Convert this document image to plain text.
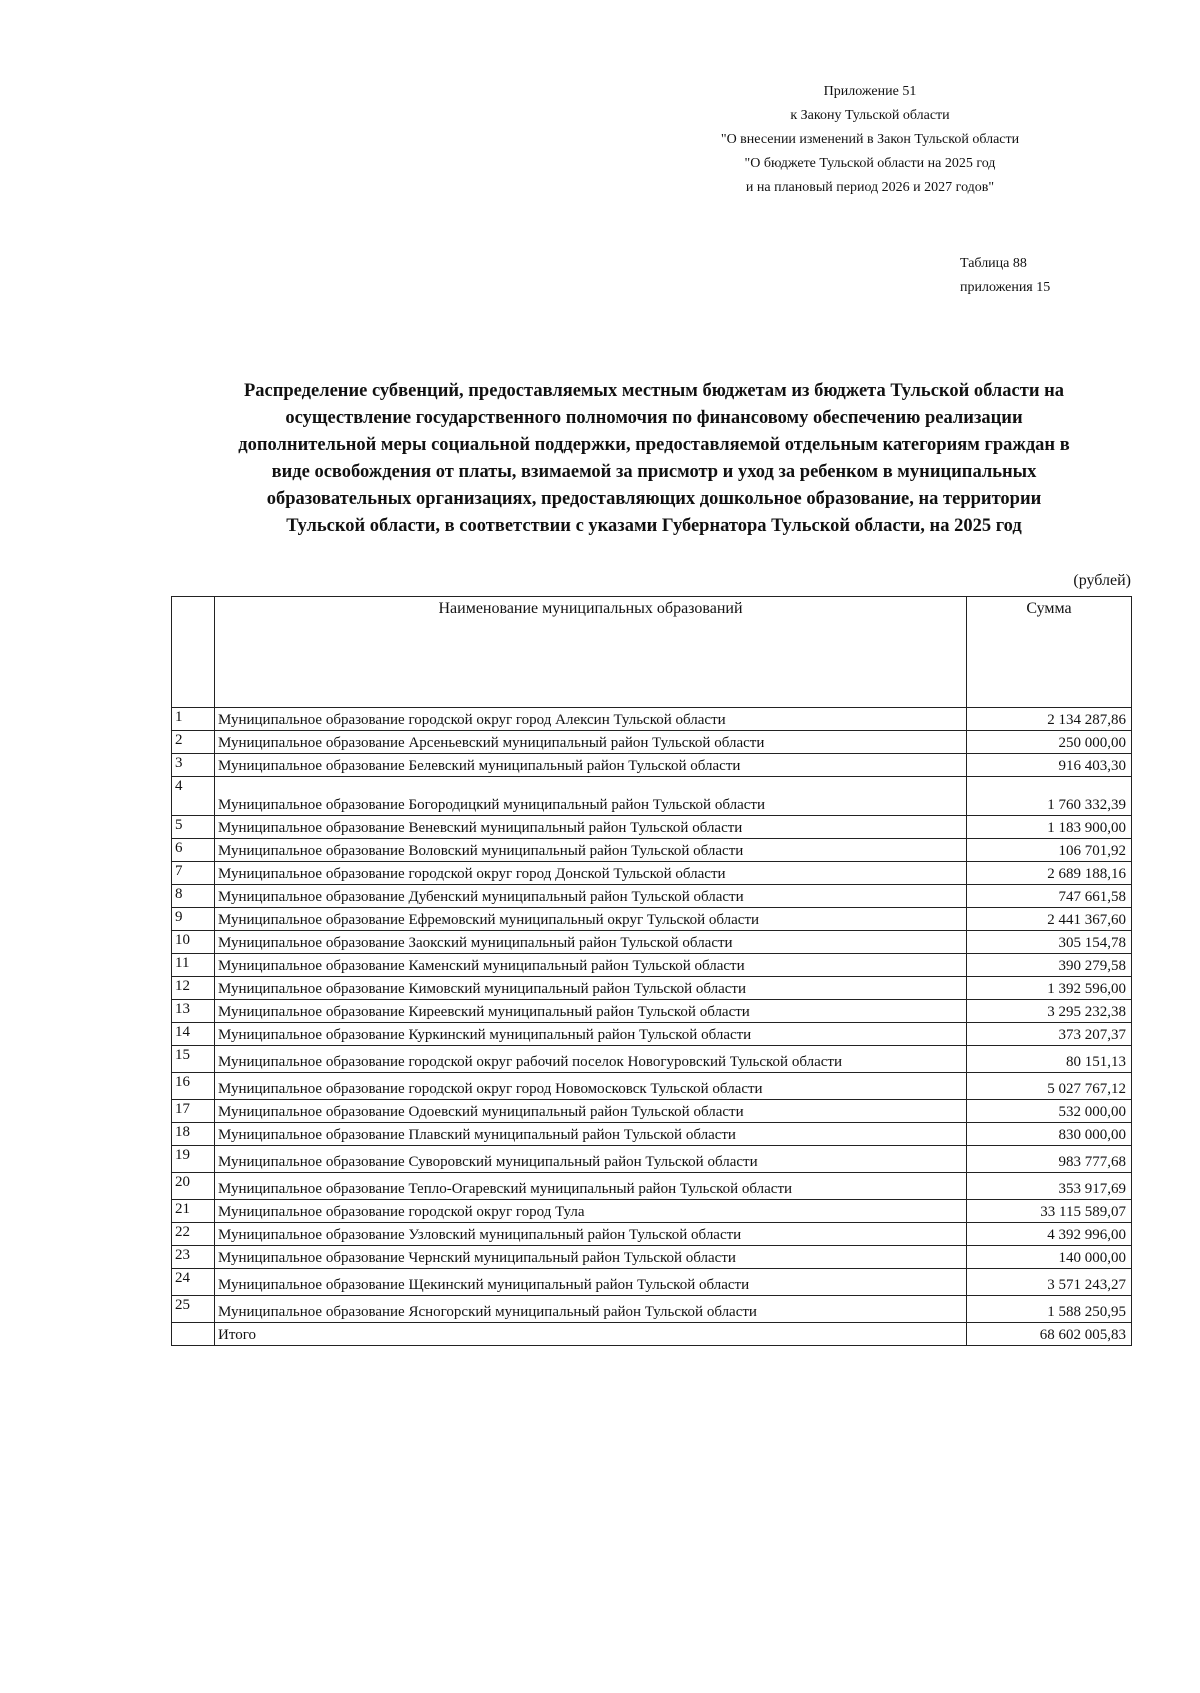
Приложение 51
к Закону Тульской области
"О внесении изменений в Закон Тульской области
"О бюджете Тульской области на 2025 год
и на плановый период 2026 и 2027 годов"
Таблица 88
приложения 15
Распределение субвенций, предоставляемых местным бюджетам из бюджета Тульской области на
осуществление государственного полномочия по финансовому обеспечению реализации
дополнительной меры социальной поддержки, предоставляемой отдельным категориям граждан в
виде освобождения от платы, взимаемой за присмотр и уход за ребенком в муниципальных
образовательных организациях, предоставляющих дошкольное образование, на территории
Тульской области, в соответствии с указами Губернатора Тульской области, на 2025 год
(рублей)
	Наименование муниципальных образований	Сумма
1	Муниципальное образование городской округ город Алексин Тульской области	2 134 287,86
2	Муниципальное образование Арсеньевский муниципальный район Тульской области	250 000,00
3	Муниципальное образование Белевский муниципальный район Тульской области	916 403,30
4	Муниципальное образование Богородицкий муниципальный район Тульской области	1 760 332,39
5	Муниципальное образование Веневский муниципальный район Тульской области	1 183 900,00
6	Муниципальное образование Воловский муниципальный район Тульской области	106 701,92
7	Муниципальное образование городской округ город Донской Тульской области	2 689 188,16
8	Муниципальное образование Дубенский муниципальный район Тульской области	747 661,58
9	Муниципальное образование Ефремовский муниципальный округ Тульской области	2 441 367,60
10	Муниципальное образование Заокский муниципальный район Тульской области	305 154,78
11	Муниципальное образование Каменский муниципальный район Тульской области	390 279,58
12	Муниципальное образование Кимовский муниципальный район Тульской области	1 392 596,00
13	Муниципальное образование Киреевский муниципальный район Тульской области	3 295 232,38
14	Муниципальное образование Куркинский муниципальный район Тульской области	373 207,37
15	Муниципальное образование городской округ рабочий поселок Новогуровский Тульской области	80 151,13
16	Муниципальное образование городской округ город Новомосковск Тульской области	5 027 767,12
17	Муниципальное образование Одоевский муниципальный район Тульской области	532 000,00
18	Муниципальное образование Плавский муниципальный район Тульской области	830 000,00
19	Муниципальное образование Суворовский муниципальный район Тульской области	983 777,68
20	Муниципальное образование Тепло-Огаревский муниципальный район Тульской области	353 917,69
21	Муниципальное образование городской округ город Тула	33 115 589,07
22	Муниципальное образование Узловский муниципальный район Тульской области	4 392 996,00
23	Муниципальное образование Чернский муниципальный район Тульской области	140 000,00
24	Муниципальное образование Щекинский муниципальный район Тульской области	3 571 243,27
25	Муниципальное образование Ясногорский муниципальный район Тульской области	1 588 250,95
	Итого	68 602 005,83
